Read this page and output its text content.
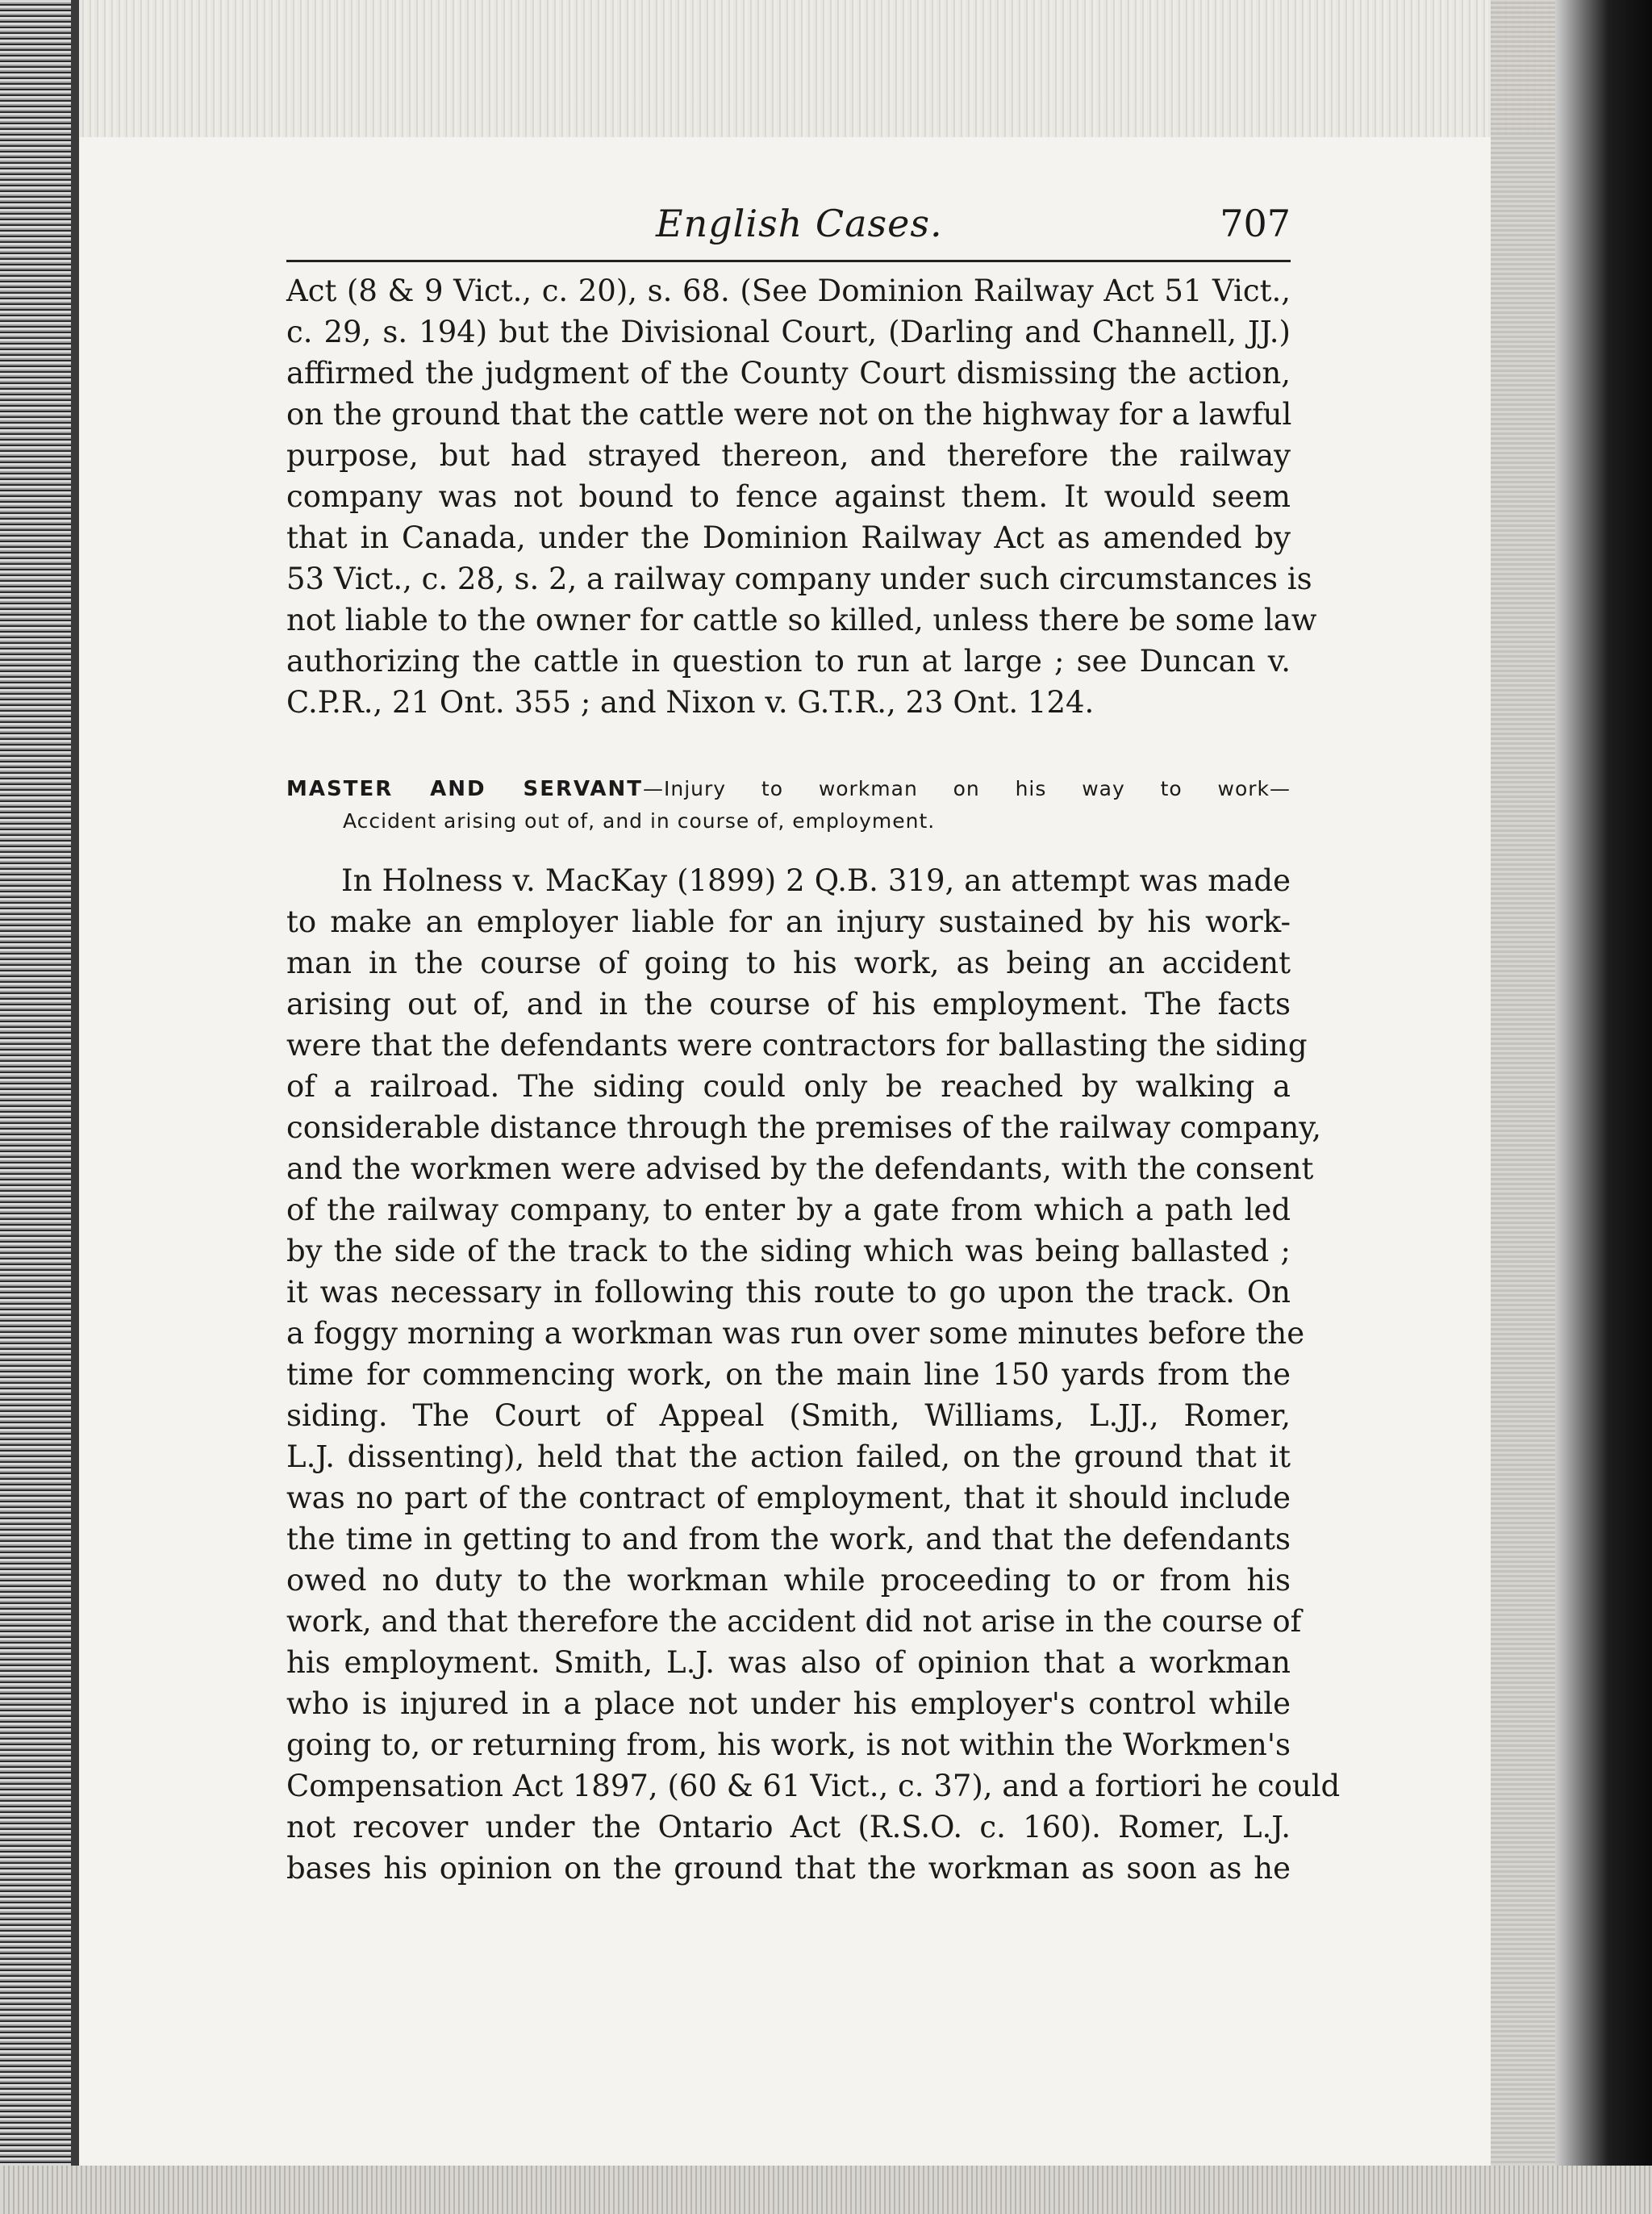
English Cases.	707
Act (8 & 9 Vict., c. 20), s. 68. (See Dominion Railway Act 51 Vict.,
c. 29, s. 194) but the Divisional Court, (Darling and Channell, JJ.)
affirmed the judgment of the County Court dismissing the action,
on the ground that the cattle were not on the highway for a lawful
purpose, but had strayed thereon, and therefore the railway
company was not bound to fence against them. It would seem
that in Canada, under the Dominion Railway Act as amended by
53 Vict., c. 28, s. 2, a railway company under such circumstances is
not liable to the owner for cattle so killed, unless there be some law
authorizing the cattle in question to run at large ; see Duncan v.
C.P.R., 21 Ont. 355 ; and Nixon v. G.T.R., 23 Ont. 124.
MASTER AND SERVANT—Injury to workman on his way to work—
Accident arising out of, and in course of, employment.
In Holness v. MacKay (1899) 2 Q.B. 319, an attempt was made
to make an employer liable for an injury sustained by his work-
man in the course of going to his work, as being an accident
arising out of, and in the course of his employment. The facts
were that the defendants were contractors for ballasting the siding
of a railroad. The siding could only be reached by walking a
considerable distance through the premises of the railway company,
and the workmen were advised by the defendants, with the consent
of the railway company, to enter by a gate from which a path led
by the side of the track to the siding which was being ballasted ;
it was necessary in following this route to go upon the track. On
a foggy morning a workman was run over some minutes before the
time for commencing work, on the main line 150 yards from the
siding. The Court of Appeal (Smith, Williams, L.JJ., Romer,
L.J. dissenting), held that the action failed, on the ground that it
was no part of the contract of employment, that it should include
the time in getting to and from the work, and that the defendants
owed no duty to the workman while proceeding to or from his
work, and that therefore the accident did not arise in the course of
his employment. Smith, L.J. was also of opinion that a workman
who is injured in a place not under his employer's control while
going to, or returning from, his work, is not within the Workmen's
Compensation Act 1897, (60 & 61 Vict., c. 37), and a fortiori he could
not recover under the Ontario Act (R.S.O. c. 160). Romer, L.J.
bases his opinion on the ground that the workman as soon as he
